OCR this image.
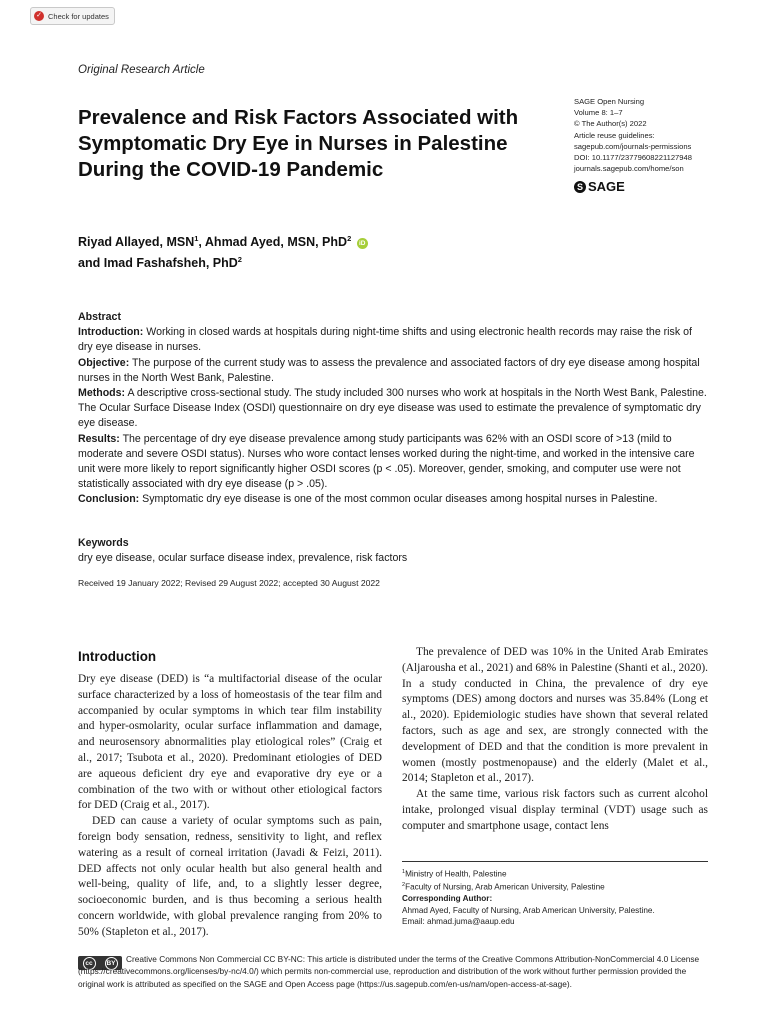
✓ Check for updates
Original Research Article
Prevalence and Risk Factors Associated with Symptomatic Dry Eye in Nurses in Palestine During the COVID-19 Pandemic
SAGE Open Nursing
Volume 8: 1–7
© The Author(s) 2022
Article reuse guidelines:
sagepub.com/journals-permissions
DOI: 10.1177/23779608221127948
journals.sagepub.com/home/son
S SAGE
Riyad Allayed, MSN$^1$, Ahmad Ayed, MSN, PhD$^2$ iD
and Imad Fashafsheh, PhD$^2$
Abstract

Introduction: Working in closed wards at hospitals during night-time shifts and using electronic health records may raise the risk of dry eye disease in nurses.

Objective: The purpose of the current study was to assess the prevalence and associated factors of dry eye disease among hospital nurses in the North West Bank, Palestine.

Methods: A descriptive cross-sectional study. The study included 300 nurses who work at hospitals in the North West Bank, Palestine. The Ocular Surface Disease Index (OSDI) questionnaire on dry eye disease was used to estimate the prevalence of symptomatic dry eye disease.

Results: The percentage of dry eye disease prevalence among study participants was 62% with an OSDI score of >13 (mild to moderate and severe OSDI status). Nurses who wore contact lenses worked during the night-time, and worked in the intensive care unit were more likely to report significantly higher OSDI scores (p < .05). Moreover, gender, smoking, and computer use were not statistically associated with dry eye disease (p > .05).

Conclusion: Symptomatic dry eye disease is one of the most common ocular diseases among hospital nurses in Palestine.

Keywords
dry eye disease, ocular surface disease index, prevalence, risk factors
Received 19 January 2022; Revised 29 August 2022; accepted 30 August 2022
Introduction

Dry eye disease (DED) is “a multifactorial disease of the ocular surface characterized by a loss of homeostasis of the tear film and accompanied by ocular symptoms in which tear film instability and hyper-osmolarity, ocular surface inflammation and damage, and neurosensory abnormalities play etiological roles” (Craig et al., 2017; Tsubota et al., 2020). Predominant etiologies of DED are aqueous deficient dry eye and evaporative dry eye or a combination of the two with or without other etiological factors for DED (Craig et al., 2017).

DED can cause a variety of ocular symptoms such as pain, foreign body sensation, redness, sensitivity to light, and reflex watering as a result of corneal irritation (Javadi & Feizi, 2011). DED affects not only ocular health but also general health and well-being, quality of life, and, to a slightly lesser degree, socioeconomic burden, and is thus becoming a serious health concern worldwide, with global prevalence ranging from 20% to 50% (Stapleton et al., 2017).

The prevalence of DED was 10% in the United Arab Emirates (Aljarousha et al., 2021) and 68% in Palestine (Shanti et al., 2020). In a study conducted in China, the prevalence of dry eye symptoms (DES) among doctors and nurses was 35.84% (Long et al., 2020). Epidemiologic studies have shown that several related factors, such as age and sex, are strongly connected with the development of DED and that the condition is more prevalent in women (mostly postmenopause) and the elderly (Malet et al., 2014; Stapleton et al., 2017).

At the same time, various risk factors such as current alcohol intake, prolonged visual display terminal (VDT) usage such as computer and smartphone usage, contact lens

$^1$Ministry of Health, Palestine
$^2$Faculty of Nursing, Arab American University, Palestine
Corresponding Author:
Ahmad Ayed, Faculty of Nursing, Arab American University, Palestine.
Email: ahmad.juma@aaup.edu
cc	BY	Creative Commons Non Commercial CC BY-NC: This article is distributed under the terms of the Creative Commons Attribution-NonCommercial 4.0 License (https://creativecommons.org/licenses/by-nc/4.0/) which permits non-commercial use, reproduction and distribution of the work without further permission provided the original work is attributed as specified on the SAGE and Open Access page (https://us.sagepub.com/en-us/nam/open-access-at-sage).
